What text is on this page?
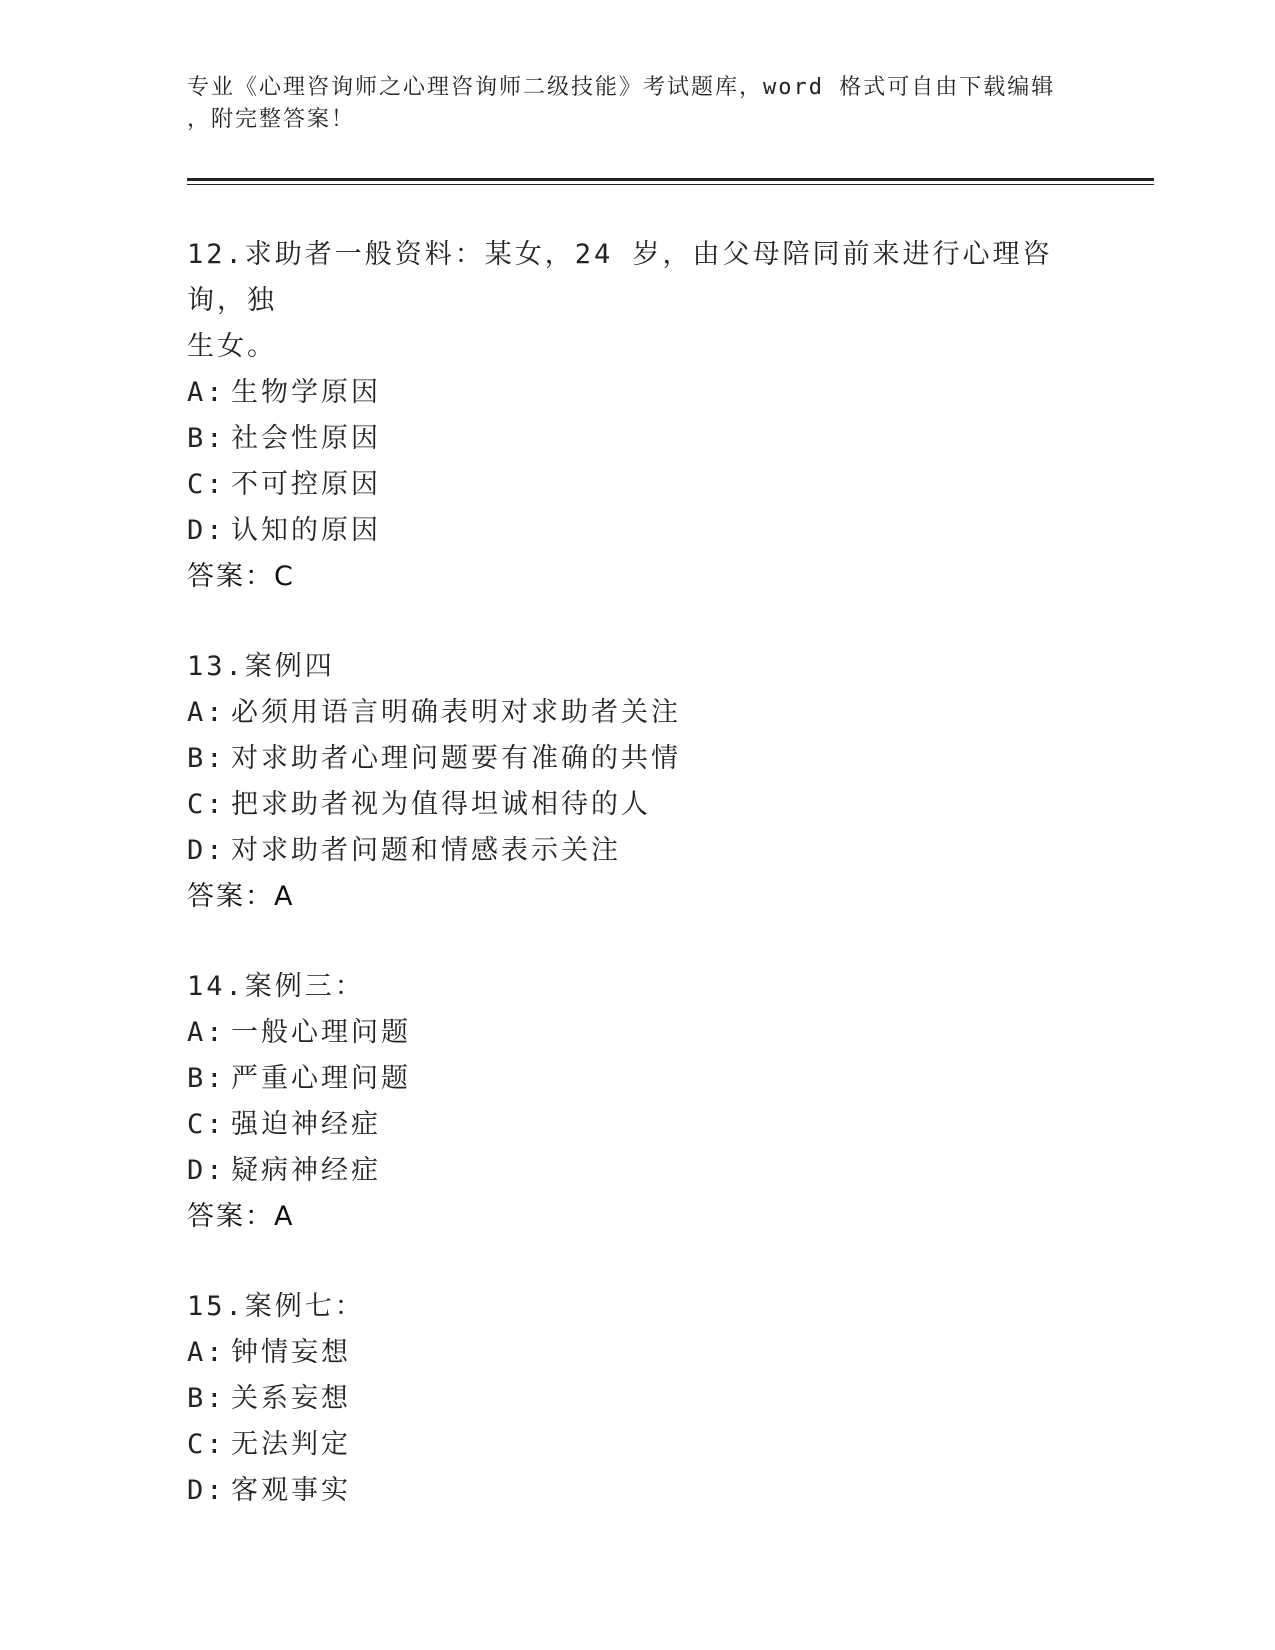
专业《心理咨询师之心理咨询师二级技能》考试题库，word 格式可自由下载编辑
，附完整答案！
12.求助者一般资料：某女，24 岁，由父母陪同前来进行心理咨询，独
生女。
A: 生物学原因
B: 社会性原因
C: 不可控原因
D: 认知的原因
答案：C
13.案例四
A: 必须用语言明确表明对求助者关注
B: 对求助者心理问题要有准确的共情
C: 把求助者视为值得坦诚相待的人
D: 对求助者问题和情感表示关注
答案：A
14.案例三：
A: 一般心理问题
B: 严重心理问题
C: 强迫神经症
D: 疑病神经症
答案：A
15.案例七：
A: 钟情妄想
B: 关系妄想
C: 无法判定
D: 客观事实
